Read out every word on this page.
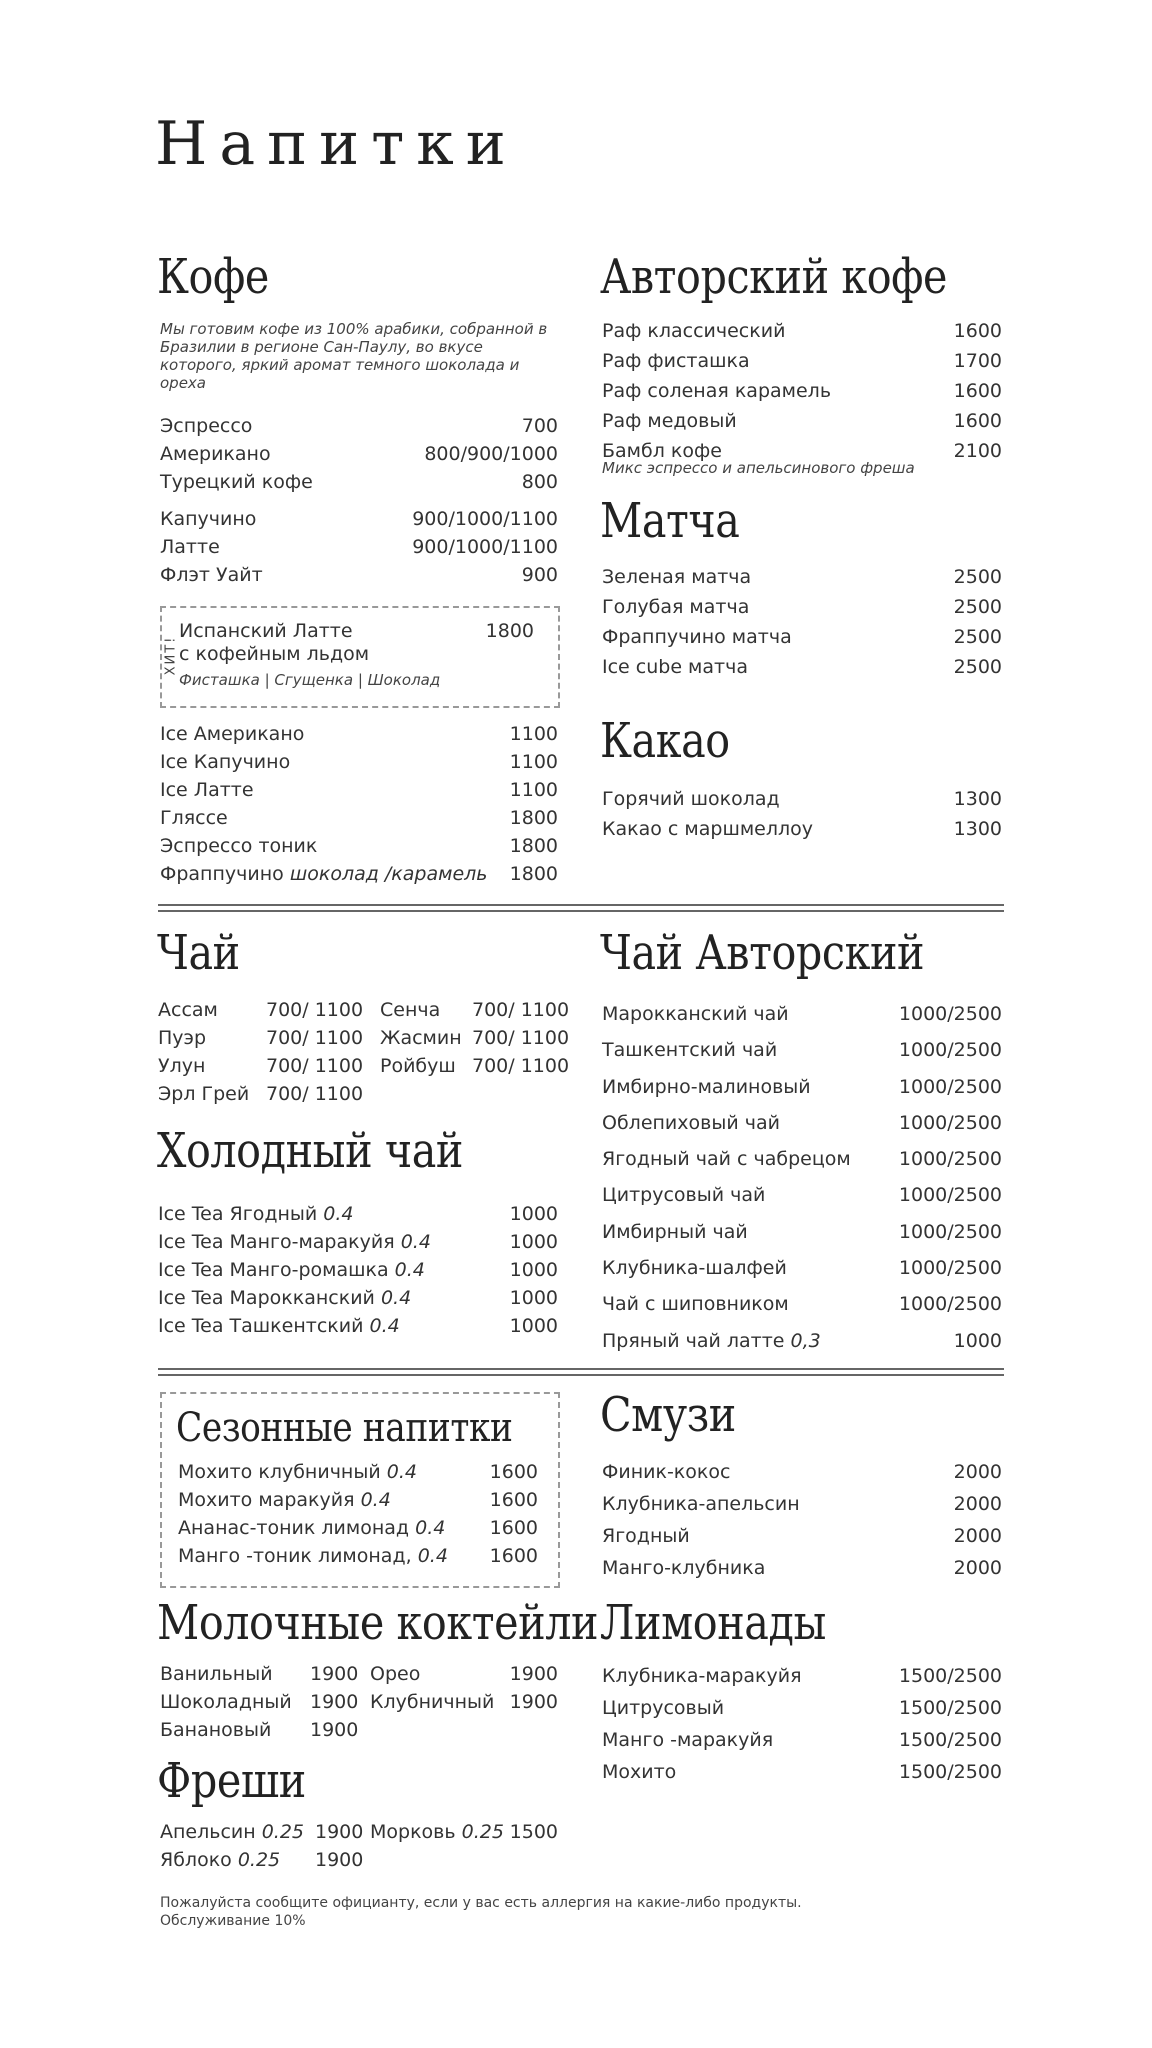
Напитки
Кофе
Мы готовим кофе из 100% арабики, собранной в Бразилии в регионе Сан-Паулу, во вкусе которого, яркий аромат темного шоколада и ореха
Эспрессо	700
Американо	800/900/1000
Турецкий кофе	800
Капучино	900/1000/1100
Латте	900/1000/1100
Флэт Уайт	900
ХИТ!
Испанский Латте	1800
с кофейным льдом
Фисташка | Сгущенка | Шоколад
Ice Американо	1100
Ice Капучино	1100
Ice Латте	1100
Гляссе	1800
Эспрессо тоник	1800
Фраппучино шоколад /карамель 1800
Авторский кофе
Раф классический	1600
Раф фисташка	1700
Раф соленая карамель	1600
Раф медовый	1600
Бамбл кофе	2100
Микс эспрессо и апельсинового фреша
Матча
Зеленая матча	2500
Голубая матча	2500
Фраппучино матча	2500
Ice cube матча	2500
Какао
Горячий шоколад	1300
Какао с маршмеллоу	1300
Чай
Ассам	700/ 1100
Пуэр	700/ 1100
Улун	700/ 1100
Эрл Грей 700/ 1100
Сенча	700/ 1100
Жасмин 700/ 1100
Ройбуш 700/ 1100
Холодный чай
Ice Tea Ягодный 0.4	1000
Ice Tea Манго-маракуйя 0.4	1000
Ice Tea Манго-ромашка 0.4	1000
Ice Tea Марокканский 0.4	1000
Ice Tea Ташкентский 0.4	1000
Чай Авторский
Марокканский чай	1000/2500
Ташкентский чай	1000/2500
Имбирно-малиновый	1000/2500
Облепиховый чай	1000/2500
Ягодный чай с чабрецом	1000/2500
Цитрусовый чай	1000/2500
Имбирный чай	1000/2500
Клубника-шалфей	1000/2500
Чай с шиповником	1000/2500
Пряный чай латте 0,3	1000
Сезонные напитки
Мохито клубничный 0.4	1600
Мохито маракуйя 0.4	1600
Ананас-тоник лимонад 0.4 1600
Манго -тоник лимонад, 0.4 1600
Смузи
Финик-кокос	2000
Клубника-апельсин	2000
Ягодный	2000
Манго-клубника	2000
Молочные коктейли
Ванильный	1900
Шоколадный 1900
Банановый	1900
Орео	1900
Клубничный 1900
Лимонады
Клубника-маракуйя	1500/2500
Цитрусовый	1500/2500
Манго -маракуйя	1500/2500
Мохито	1500/2500
Фреши
Апельсин 0.25 1900
Яблоко 0.25	1900
Морковь 0.25 1500
Пожалуйста сообщите официанту, если у вас есть аллергия на какие-либо продукты.
Обслуживание 10%
